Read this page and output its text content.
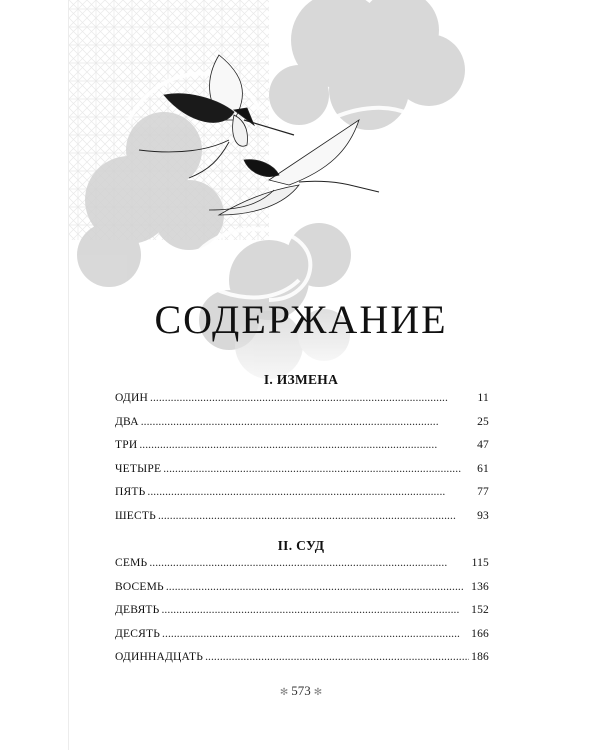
СОДЕРЖАНИЕ
I. ИЗМЕНА
ОДИН . . .	11
ДВА . . .	25
ТРИ . . .	47
ЧЕТЫРЕ . . .	61
ПЯТЬ . . .	77
ШЕСТЬ . . .	93
II. СУД
СЕМЬ . . .	115
ВОСЕМЬ . . .	136
ДЕВЯТЬ . . .	152
ДЕСЯТЬ . . .	166
ОДИННАДЦАТЬ . . .	186
✻ 573 ✻
